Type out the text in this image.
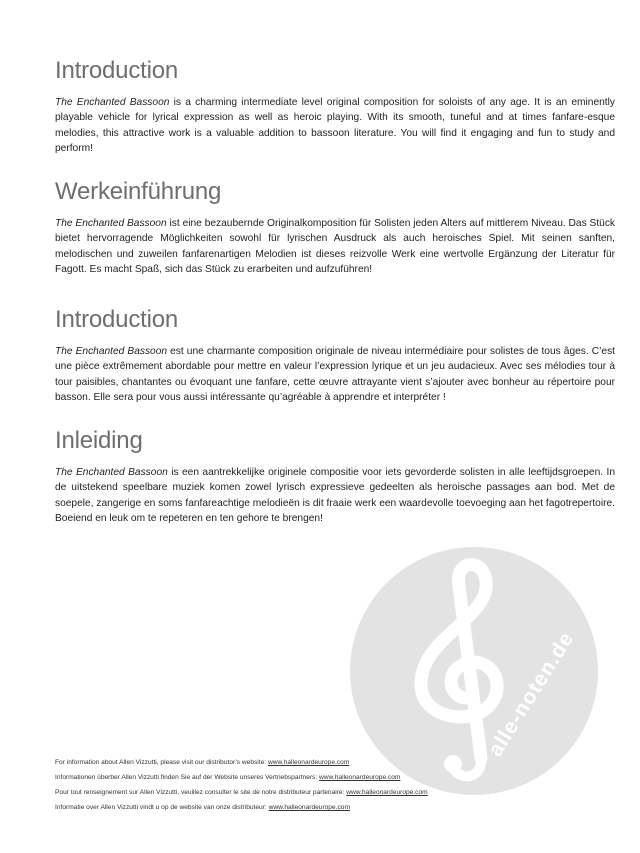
Introduction

The Enchanted Bassoon is a charming intermediate level original composition for soloists of any age. It is an eminently playable vehicle for lyrical expression as well as heroic playing. With its smooth, tuneful and at times fanfare-esque melodies, this attractive work is a valuable addition to bassoon literature. You will find it engaging and fun to study and perform!

Werkeinführung

The Enchanted Bassoon ist eine bezaubernde Originalkomposition für Solisten jeden Alters auf mittlerem Niveau. Das Stück bietet hervorragende Möglichkeiten sowohl für lyrischen Ausdruck als auch heroisches Spiel. Mit seinen sanften, melodischen und zuweilen fanfarenartigen Melodien ist dieses reizvolle Werk eine wertvolle Ergänzung der Literatur für Fagott. Es macht Spaß, sich das Stück zu erarbeiten und aufzuführen!

Introduction

The Enchanted Bassoon est une charmante composition originale de niveau intermédiaire pour solistes de tous âges. C’est une pièce extrêmement abordable pour mettre en valeur l’expression lyrique et un jeu audacieux. Avec ses mélodies tour à tour paisibles, chantantes ou évoquant une fanfare, cette œuvre attrayante vient s’ajouter avec bonheur au répertoire pour basson. Elle sera pour vous aussi intéressante qu’agréable à apprendre et interpréter !

Inleiding

The Enchanted Bassoon is een aantrekkelijke originele compositie voor iets gevorderde solisten in alle leeftijdsgroepen. In de uitstekend speelbare muziek komen zowel lyrisch expressieve gedeelten als heroische passages aan bod. Met de soepele, zangerige en soms fanfareachtige melodieën is dit fraaie werk een waardevolle toevoeging aan het fagotrepertoire. Boeiend en leuk om te repeteren en ten gehore te brengen!

alle-noten.de
For information about Allen Vizzutti, please visit our distributor’s website: www.halleonardeurope.com
Informationen überber Allen Vizzutti finden Sie auf der Website unseres Vertriebspartners: www.halleonardeurope.com
Pour tout renseignement sur Allen Vizzutti, veuillez consulter le site de notre distributeur partenaire: www.halleonardeurope.com
Informatie over Allen Vizzutti vindt u op de website van onze distributeur: www.halleonardeurope.com
